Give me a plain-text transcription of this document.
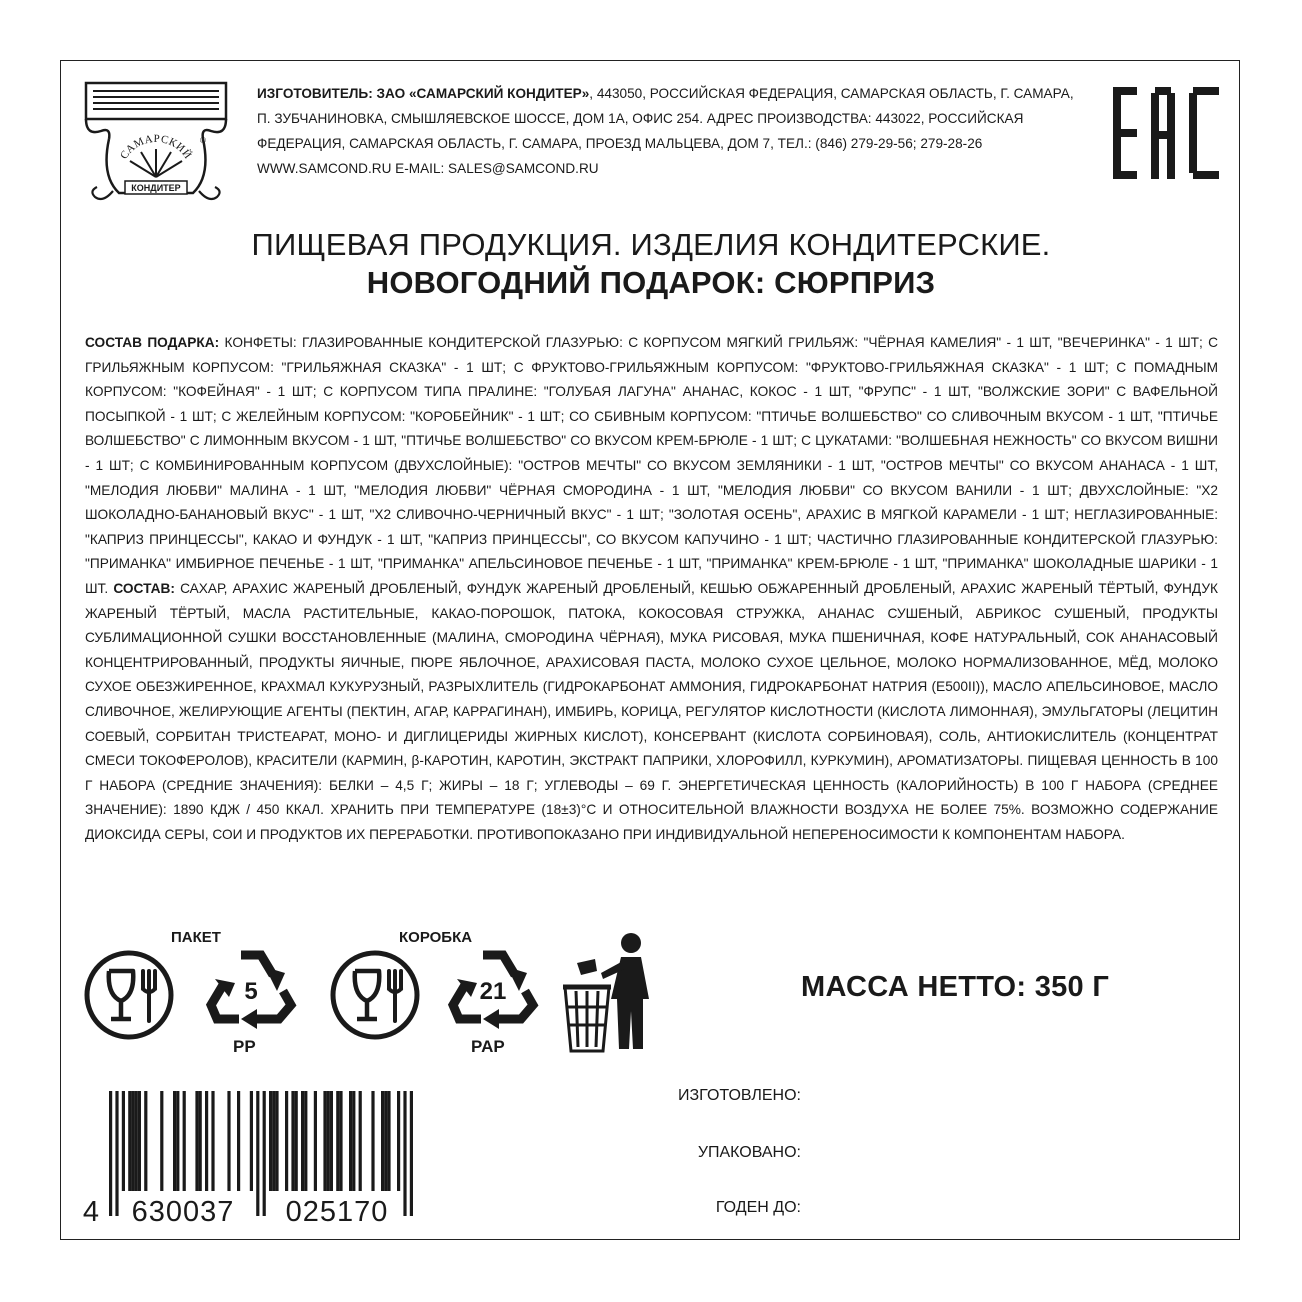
САМАРСКИЙ
®
КОНДИТЕР
ИЗГОТОВИТЕЛЬ: ЗАО «САМАРСКИЙ КОНДИТЕР», 443050, РОССИЙСКАЯ ФЕДЕРАЦИЯ, САМАРСКАЯ ОБЛАСТЬ, Г. САМАРА, П. ЗУБЧАНИНОВКА, СМЫШЛЯЕВСКОЕ ШОССЕ, ДОМ 1А, ОФИС 254. АДРЕС ПРОИЗВОДСТВА: 443022, РОССИЙСКАЯ ФЕДЕРАЦИЯ, САМАРСКАЯ ОБЛАСТЬ, Г. САМАРА, ПРОЕЗД МАЛЬЦЕВА, ДОМ 7, ТЕЛ.: (846) 279-29-56; 279-28-26 WWW.SAMCOND.RU E-MAIL: SALES@SAMCOND.RU
ПИЩЕВАЯ ПРОДУКЦИЯ. ИЗДЕЛИЯ КОНДИТЕРСКИЕ.
НОВОГОДНИЙ ПОДАРОК: СЮРПРИЗ
СОСТАВ ПОДАРКА: КОНФЕТЫ: ГЛАЗИРОВАННЫЕ КОНДИТЕРСКОЙ ГЛАЗУРЬЮ: С КОРПУСОМ МЯГКИЙ ГРИЛЬЯЖ: "ЧЁРНАЯ КАМЕЛИЯ" - 1 ШТ, "ВЕЧЕРИНКА" - 1 ШТ; С ГРИЛЬЯЖНЫМ КОРПУСОМ: "ГРИЛЬЯЖНАЯ СКАЗКА" - 1 ШТ; С ФРУКТОВО-ГРИЛЬЯЖНЫМ КОРПУСОМ: "ФРУКТОВО-ГРИЛЬЯЖНАЯ СКАЗКА" - 1 ШТ; С ПОМАДНЫМ КОРПУСОМ: "КОФЕЙНАЯ" - 1 ШТ; С КОРПУСОМ ТИПА ПРАЛИНЕ: "ГОЛУБАЯ ЛАГУНА" АНАНАС, КОКОС - 1 ШТ, "ФРУПС" - 1 ШТ, "ВОЛЖСКИЕ ЗОРИ" С ВАФЕЛЬНОЙ ПОСЫПКОЙ - 1 ШТ; С ЖЕЛЕЙНЫМ КОРПУСОМ: "КОРОБЕЙНИК" - 1 ШТ; СО СБИВНЫМ КОРПУСОМ: "ПТИЧЬЕ ВОЛШЕБСТВО" СО СЛИВОЧНЫМ ВКУСОМ - 1 ШТ, "ПТИЧЬЕ ВОЛШЕБСТВО" С ЛИМОННЫМ ВКУСОМ - 1 ШТ, "ПТИЧЬЕ ВОЛШЕБСТВО" СО ВКУСОМ КРЕМ-БРЮЛЕ - 1 ШТ; С ЦУКАТАМИ: "ВОЛШЕБНАЯ НЕЖНОСТЬ" СО ВКУСОМ ВИШНИ - 1 ШТ; С КОМБИНИРОВАННЫМ КОРПУСОМ (ДВУХСЛОЙНЫЕ): "ОСТРОВ МЕЧТЫ" СО ВКУСОМ ЗЕМЛЯНИКИ - 1 ШТ, "ОСТРОВ МЕЧТЫ" СО ВКУСОМ АНАНАСА - 1 ШТ, "МЕЛОДИЯ ЛЮБВИ" МАЛИНА - 1 ШТ, "МЕЛОДИЯ ЛЮБВИ" ЧЁРНАЯ СМОРОДИНА - 1 ШТ, "МЕЛОДИЯ ЛЮБВИ" СО ВКУСОМ ВАНИЛИ - 1 ШТ; ДВУХСЛОЙНЫЕ: "Х2 ШОКОЛАДНО-БАНАНОВЫЙ ВКУС" - 1 ШТ, "Х2 СЛИВОЧНО-ЧЕРНИЧНЫЙ ВКУС" - 1 ШТ; "ЗОЛОТАЯ ОСЕНЬ", АРАХИС В МЯГКОЙ КАРАМЕЛИ - 1 ШТ; НЕГЛАЗИРОВАННЫЕ: "КАПРИЗ ПРИНЦЕССЫ", КАКАО И ФУНДУК - 1 ШТ, "КАПРИЗ ПРИНЦЕССЫ", СО ВКУСОМ КАПУЧИНО - 1 ШТ; ЧАСТИЧНО ГЛАЗИРОВАННЫЕ КОНДИТЕРСКОЙ ГЛАЗУРЬЮ: "ПРИМАНКА" ИМБИРНОЕ ПЕЧЕНЬЕ - 1 ШТ, "ПРИМАНКА" АПЕЛЬСИНОВОЕ ПЕЧЕНЬЕ - 1 ШТ, "ПРИМАНКА" КРЕМ-БРЮЛЕ - 1 ШТ, "ПРИМАНКА" ШОКОЛАДНЫЕ ШАРИКИ - 1 ШТ. СОСТАВ: САХАР, АРАХИС ЖАРЕНЫЙ ДРОБЛЕНЫЙ, ФУНДУК ЖАРЕНЫЙ ДРОБЛЕНЫЙ, КЕШЬЮ ОБЖАРЕННЫЙ ДРОБЛЕНЫЙ, АРАХИС ЖАРЕНЫЙ ТЁРТЫЙ, ФУНДУК ЖАРЕНЫЙ ТЁРТЫЙ, МАСЛА РАСТИТЕЛЬНЫЕ, КАКАО-ПОРОШОК, ПАТОКА, КОКОСОВАЯ СТРУЖКА, АНАНАС СУШЕНЫЙ, АБРИКОС СУШЕНЫЙ, ПРОДУКТЫ СУБЛИМАЦИОННОЙ СУШКИ ВОССТАНОВЛЕННЫЕ (МАЛИНА, СМОРОДИНА ЧЁРНАЯ), МУКА РИСОВАЯ, МУКА ПШЕНИЧНАЯ, КОФЕ НАТУРАЛЬНЫЙ, СОК АНАНАСОВЫЙ КОНЦЕНТРИРОВАННЫЙ, ПРОДУКТЫ ЯИЧНЫЕ, ПЮРЕ ЯБЛОЧНОЕ, АРАХИСОВАЯ ПАСТА, МОЛОКО СУХОЕ ЦЕЛЬНОЕ, МОЛОКО НОРМАЛИЗОВАННОЕ, МЁД, МОЛОКО СУХОЕ ОБЕЗЖИРЕННОЕ, КРАХМАЛ КУКУРУЗНЫЙ, РАЗРЫХЛИТЕЛЬ (ГИДРОКАРБОНАТ АММОНИЯ, ГИДРОКАРБОНАТ НАТРИЯ (Е500II)), МАСЛО АПЕЛЬСИНОВОЕ, МАСЛО СЛИВОЧНОЕ, ЖЕЛИРУЮЩИЕ АГЕНТЫ (ПЕКТИН, АГАР, КАРРАГИНАН), ИМБИРЬ, КОРИЦА, РЕГУЛЯТОР КИСЛОТНОСТИ (КИСЛОТА ЛИМОННАЯ), ЭМУЛЬГАТОРЫ (ЛЕЦИТИН СОЕВЫЙ, СОРБИТАН ТРИСТЕАРАТ, МОНО- И ДИГЛИЦЕРИДЫ ЖИРНЫХ КИСЛОТ), КОНСЕРВАНТ (КИСЛОТА СОРБИНОВАЯ), СОЛЬ, АНТИОКИСЛИТЕЛЬ (КОНЦЕНТРАТ СМЕСИ ТОКОФЕРОЛОВ), КРАСИТЕЛИ (КАРМИН, β-КАРОТИН, КАРОТИН, ЭКСТРАКТ ПАПРИКИ, ХЛОРОФИЛЛ, КУРКУМИН), АРОМАТИЗАТОРЫ. ПИЩЕВАЯ ЦЕННОСТЬ В 100 Г НАБОРА (СРЕДНИЕ ЗНАЧЕНИЯ): БЕЛКИ – 4,5 Г; ЖИРЫ – 18 Г; УГЛЕВОДЫ – 69 Г. ЭНЕРГЕТИЧЕСКАЯ ЦЕННОСТЬ (КАЛОРИЙНОСТЬ) В 100 Г НАБОРА (СРЕДНЕЕ ЗНАЧЕНИЕ): 1890 КДЖ / 450 ККАЛ. ХРАНИТЬ ПРИ ТЕМПЕРАТУРЕ (18±3)°С И ОТНОСИТЕЛЬНОЙ ВЛАЖНОСТИ ВОЗДУХА НЕ БОЛЕЕ 75%. ВОЗМОЖНО СОДЕРЖАНИЕ ДИОКСИДА СЕРЫ, СОИ И ПРОДУКТОВ ИХ ПЕРЕРАБОТКИ. ПРОТИВОПОКАЗАНО ПРИ ИНДИВИДУАЛЬНОЙ НЕПЕРЕНОСИМОСТИ К КОМПОНЕНТАМ НАБОРА.
ПАКЕТ	КОРОБКА
5
PP
21
PAP
МАССА НЕТТО: 350 Г
ИЗГОТОВЛЕНО:
УПАКОВАНО:
ГОДЕН ДО:
4 630037 025170
